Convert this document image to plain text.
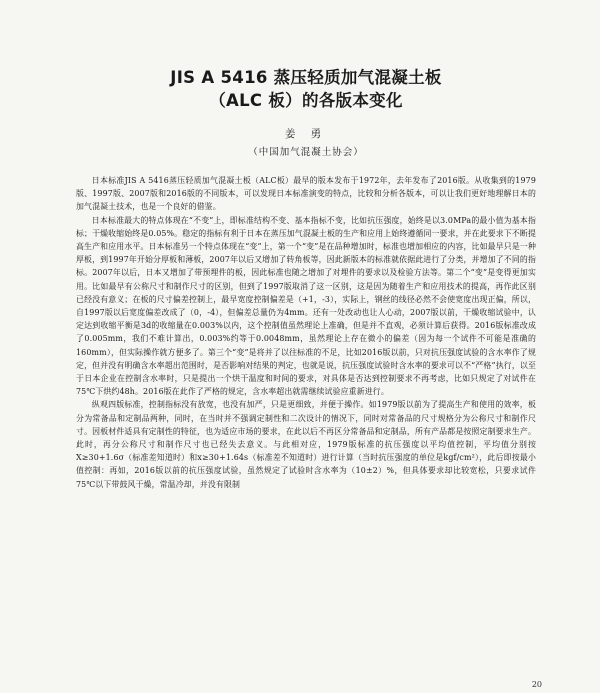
JIS A 5416 蒸压轻质加气混凝土板
（ALC 板）的各版本变化
姜 勇
（中国加气混凝土协会）

日本标准JIS A 5416蒸压轻质加气混凝土板（ALC板）最早的版本发布于1972年，去年发布了2016版。从收集到的1979版、1997版、2007版和2016版的不同版本，可以发现日本标准演变的特点，比较和分析各版本，可以让我们更好地理解日本的加气混凝土技术，也是一个良好的借鉴。

日本标准最大的特点体现在“不变”上，即标准结构不变、基本指标不变，比如抗压强度，始终是以3.0MPa的最小值为基本指标；干燥收缩始终是0.05%。稳定的指标有利于日本在蒸压加气混凝土板的生产和应用上始终遵循同一要求，并在此要求下不断提高生产和应用水平。日本标准另一个特点体现在“变”上，第一个“变”是在品种增加时，标准也增加相应的内容，比如最早只是一种厚板，到1997年开始分厚板和薄板，2007年以后又增加了转角板等，因此新版本的标准就依据此进行了分类，并增加了不同的指标。2007年以后，日本又增加了带预埋件的板，因此标准也随之增加了对埋件的要求以及检验方法等。第二个“变”是变得更加实用。比如最早有公称尺寸和制作尺寸的区别，但到了1997版取消了这一区别，这是因为随着生产和应用技术的提高，再作此区别已经没有意义；在板的尺寸偏差控制上，最早宽度控制偏差是（+1，-3），实际上，钢丝的线径必然不会使宽度出现正偏，所以，自1997版以后宽度偏差改成了（0，-4），但偏差总量仍为4mm。还有一处改动也让人心动，2007版以前，干燥收缩试验中，认定达到收缩平衡是3d的收缩量在0.003%以内，这个控制值虽然理论上准确，但是并不直观，必须计算后获得。2016版标准改成了0.005mm，我们不难计算出，0.003%约等于0.0048mm，虽然理论上存在微小的偏差（因为每一个试件不可能是准确的160mm），但实际操作就方便多了。第三个“变”是将并了以往标准的不足，比如2016版以前，只对抗压强度试验的含水率作了规定，但并没有明确含水率超出范围时，是否影响对结果的判定，也就是说，抗压强度试验时含水率的要求可以不“严格”执行，以至于日本企业在控制含水率时，只是提出一个烘干温度和时间的要求，对具体是否达到控制要求不再考虑，比如只规定了对试件在75℃下烘约48h。2016版在此作了严格的规定，含水率超出就需继续试验应重新进行。

纵观四版标准，控制指标没有放宽，也没有加严，只是更细致，并便于操作。如1979版以前为了提高生产和使用的效率，板分为常备品和定制品两种，同时，在当时并不强调定制性和二次设计的情况下，同时对常备品的尺寸规格分为公称尺寸和制作尺寸。因板材件适具有定制性的特征，也为适应市场的要求，在此以后不再区分常备品和定制品，所有产品都是按照定制要求生产。此时，再分公称尺寸和制作尺寸也已经失去意义。与此相对应，1979版标准的抗压强度以平均值控制，平均值分别按X≥30+1.6σ（标准差知道时）和x≥30+1.64s（标准差不知道时）进行计算（当时抗压强度的单位是kgf/cm²），此后即按最小值控制：再如，2016版以前的抗压强度试验，虽然规定了试验时含水率为（10±2）%，但具体要求却比较宽松，只要求试件75℃以下带鼓风干燥，常温冷却，并没有限制

20
